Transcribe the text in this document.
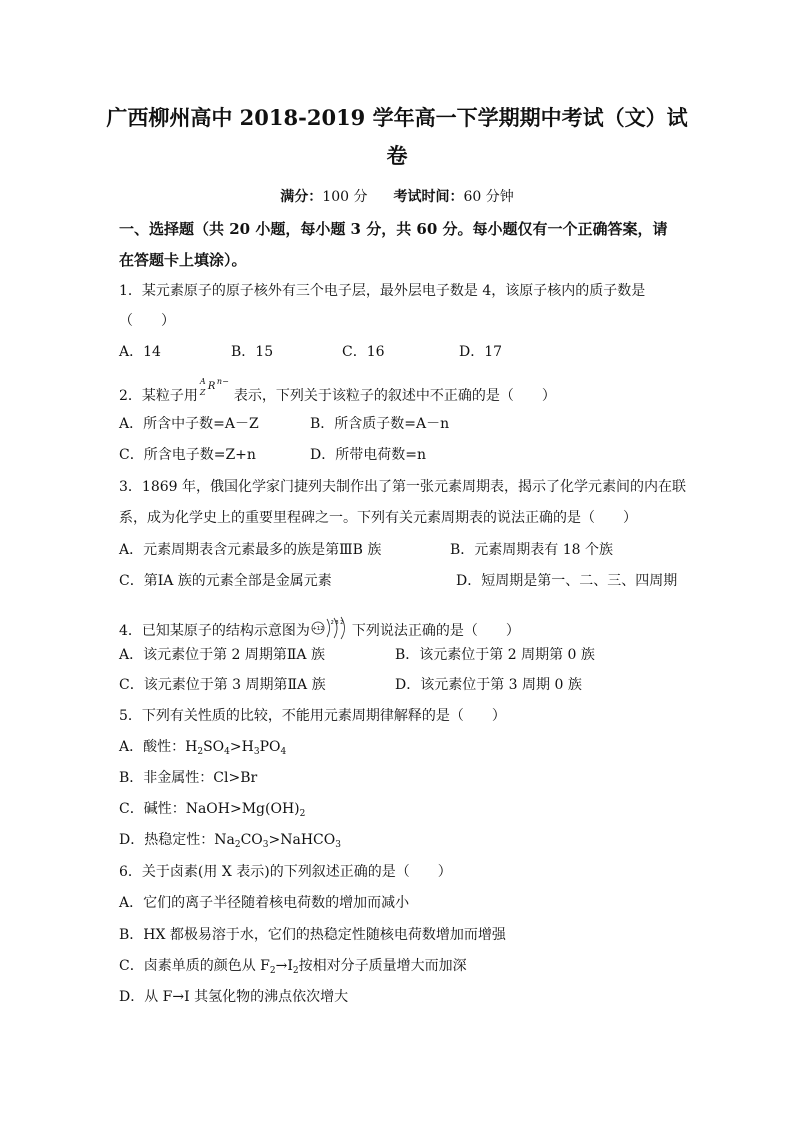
广西柳州高中 2018-2019 学年高一下学期期中考试（文）试
卷
满分：100 分 考试时间：60 分钟
一、选择题（共 20 小题，每小题 3 分，共 60 分。每小题仅有一个正确答案，请在答题卡上填涂）。
1．某元素原子的原子核外有三个电子层，最外层电子数是 4，该原子核内的质子数是
（　　）
A．14	B．15	C．16	D．17
2．某粒子用
A
Z
R n−
表示，下列关于该粒子的叙述中不正确的是（　　）
A．所含中子数=A－Z	B．所含质子数=A－n
C．所含电子数=Z+n	D．所带电荷数=n
3．1869 年，俄国化学家门捷列夫制作出了第一张元素周期表，揭示了化学元素间的内在联
系，成为化学史上的重要里程碑之一。下列有关元素周期表的说法正确的是（　　）
A．元素周期表含元素最多的族是第ⅢB 族	B．元素周期表有 18 个族
C．第ⅠA 族的元素全部是金属元素	D．短周期是第一、二、三、四周期
4．已知某原子的结构示意图为 +12
2 8 2 下列说法正确的是（　　）
A．该元素位于第 2 周期第ⅡA 族	B．该元素位于第 2 周期第 0 族
C．该元素位于第 3 周期第ⅡA 族	D．该元素位于第 3 周期 0 族
5．下列有关性质的比较，不能用元素周期律解释的是（　　）
A．酸性：$H_2SO_4>H_3PO_4$
B．非金属性：Cl>Br
C．碱性：$NaOH>Mg(OH)_2$
D．热稳定性：$Na_2CO_3>NaHCO_3$
6．关于卤素(用 X 表示)的下列叙述正确的是（　　）
A．它们的离子半径随着核电荷数的增加而减小
B．HX 都极易溶于水，它们的热稳定性随核电荷数增加而增强
C．卤素单质的颜色从 $F_2\to I_2$按相对分子质量增大而加深
D．从 F→I 其氢化物的沸点依次增大
